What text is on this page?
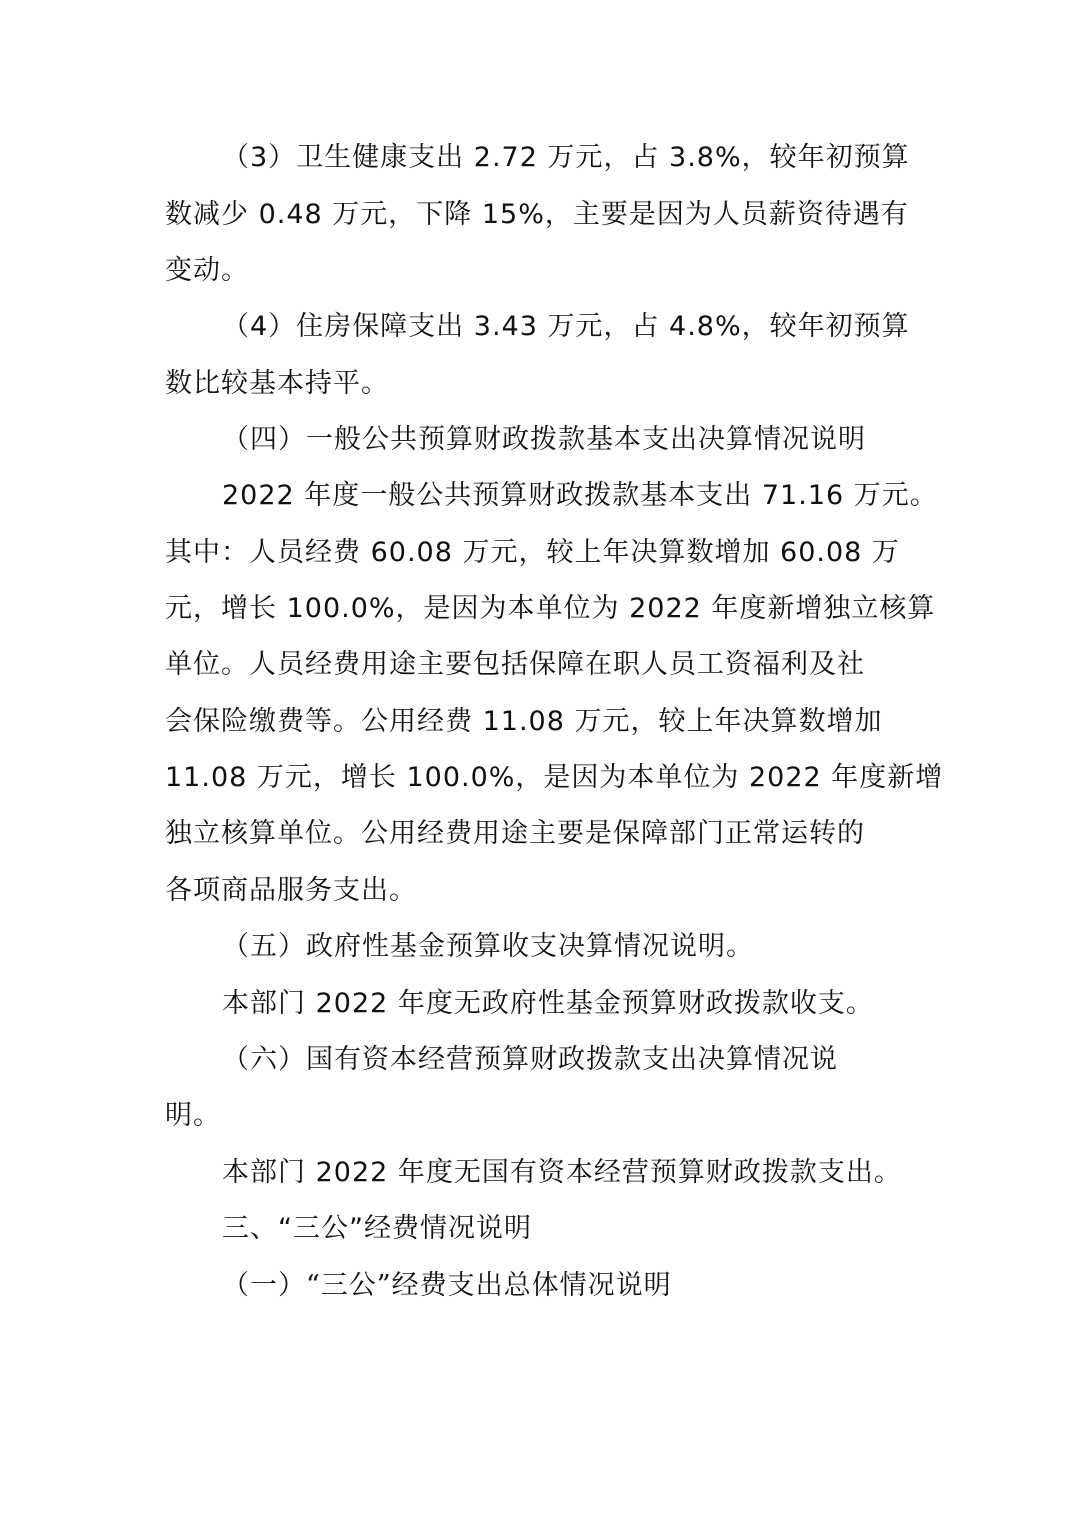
（3）卫生健康支出 2.72 万元，占 3.8%，较年初预算
数减少 0.48 万元，下降 15%，主要是因为人员薪资待遇有
变动。
（4）住房保障支出 3.43 万元，占 4.8%，较年初预算
数比较基本持平。
（四）一般公共预算财政拨款基本支出决算情况说明
2022 年度一般公共预算财政拨款基本支出 71.16 万元。
其中：人员经费 60.08 万元，较上年决算数增加 60.08 万
元，增长 100.0%，是因为本单位为 2022 年度新增独立核算
单位。人员经费用途主要包括保障在职人员工资福利及社
会保险缴费等。公用经费 11.08 万元，较上年决算数增加
11.08 万元，增长 100.0%，是因为本单位为 2022 年度新增
独立核算单位。公用经费用途主要是保障部门正常运转的
各项商品服务支出。
（五）政府性基金预算收支决算情况说明。
本部门 2022 年度无政府性基金预算财政拨款收支。
（六）国有资本经营预算财政拨款支出决算情况说
明。
本部门 2022 年度无国有资本经营预算财政拨款支出。
三、“三公”经费情况说明
（一）“三公”经费支出总体情况说明
